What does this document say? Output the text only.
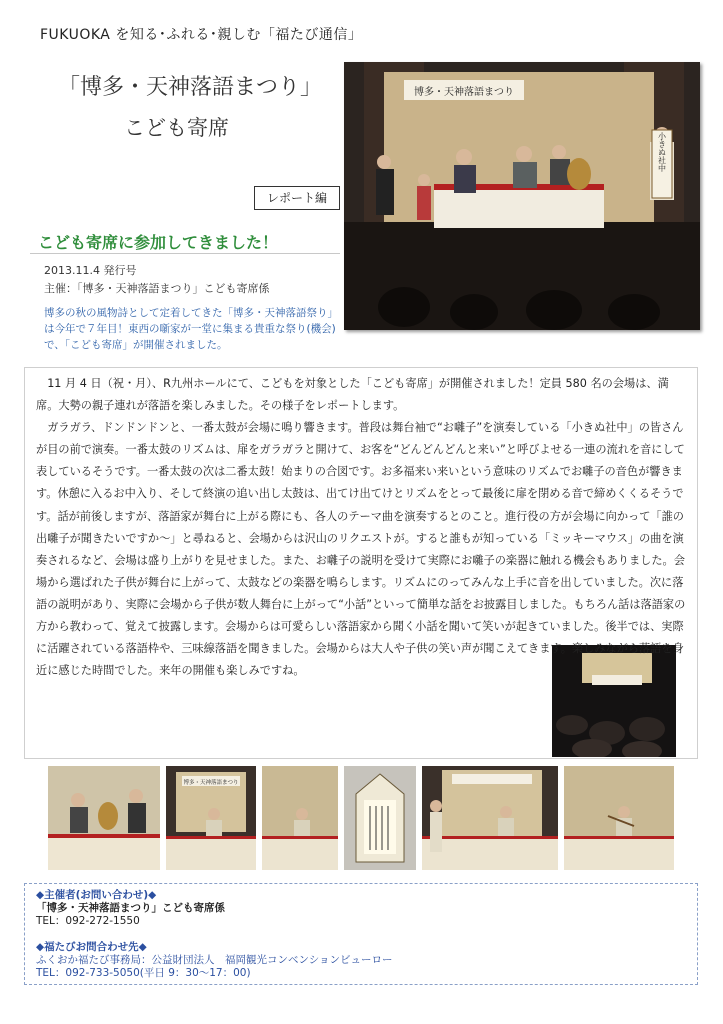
FUKUOKA を知る･ふれる･親しむ「福たび通信」
「博多・天神落語まつり」
こども寄席
レポート編
博多・天神落語まつり
小きぬ社中
こども寄席に参加してきました！
2013.11.4 発行号
主催：「博多・天神落語まつり」こども寄席係
博多の秋の風物詩として定着してきた「博多・天神落語祭り」は今年で７年目！東西の噺家が一堂に集まる貴重な祭り(機会)で、「こども寄席」が開催されました。

11 月 4 日（祝・月）、R九州ホールにて、こどもを対象とした「こども寄席」が開催されました！定員 580 名の会場は、満席。大勢の親子連れが落語を楽しみました。その様子をレポートします。

ガラガラ、ドンドンドンと、一番太鼓が会場に鳴り響きます。普段は舞台袖で“お囃子”を演奏している「小きぬ社中」の皆さんが目の前で演奏。一番太鼓のリズムは、扉をガラガラと開けて、お客を“どんどんどんと来い”と呼びよせる一連の流れを音にして表しているそうです。一番太鼓の次は二番太鼓！始まりの合図です。お多福来い来いという意味のリズムでお囃子の音色が響きます。休憩に入るお中入り、そして終演の追い出し太鼓は、出てけ出てけとリズムをとって最後に扉を閉める音で締めくくるそうです。話が前後しますが、落語家が舞台に上がる際にも、各人のテーマ曲を演奏するとのこと。進行役の方が会場に向かって「誰の出囃子が聞きたいですか～」と尋ねると、会場からは沢山のリクエストが。すると誰もが知っている「ミッキーマウス」の曲を演奏されるなど、会場は盛り上がりを見せました。また、お囃子の説明を受けて実際にお囃子の楽器に触れる機会もありました。会場から選ばれた子供が舞台に上がって、太鼓などの楽器を鳴らします。リズムにのってみんな上手に音を出していました。次に落語の説明があり、実際に会場から子供が数人舞台に上がって“小話”といって簡単な話をお披露目しました。もちろん話は落語家の方から教わって、覚えて披露します。会場からは可愛らしい落語家から聞く小話を聞いて笑いが起きていました。後半では、実際に活躍されている落語枠や、三味線落語を聞きました。会場からは大人や子供の笑い声が聞こえてきます。楽しみながら落語を身近に感じた時間でした。来年の開催も楽しみですね。

博多・天神落語まつり
◆主催者(お問い合わせ)◆
「博多・天神落語まつり」こども寄席係
TEL：092-272-1550
◆福たびお問合わせ先◆
ふくおか福たび事務局：公益財団法人　福岡観光コンベンションビューロー
TEL：092-733-5050(平日 9：30～17：00)
